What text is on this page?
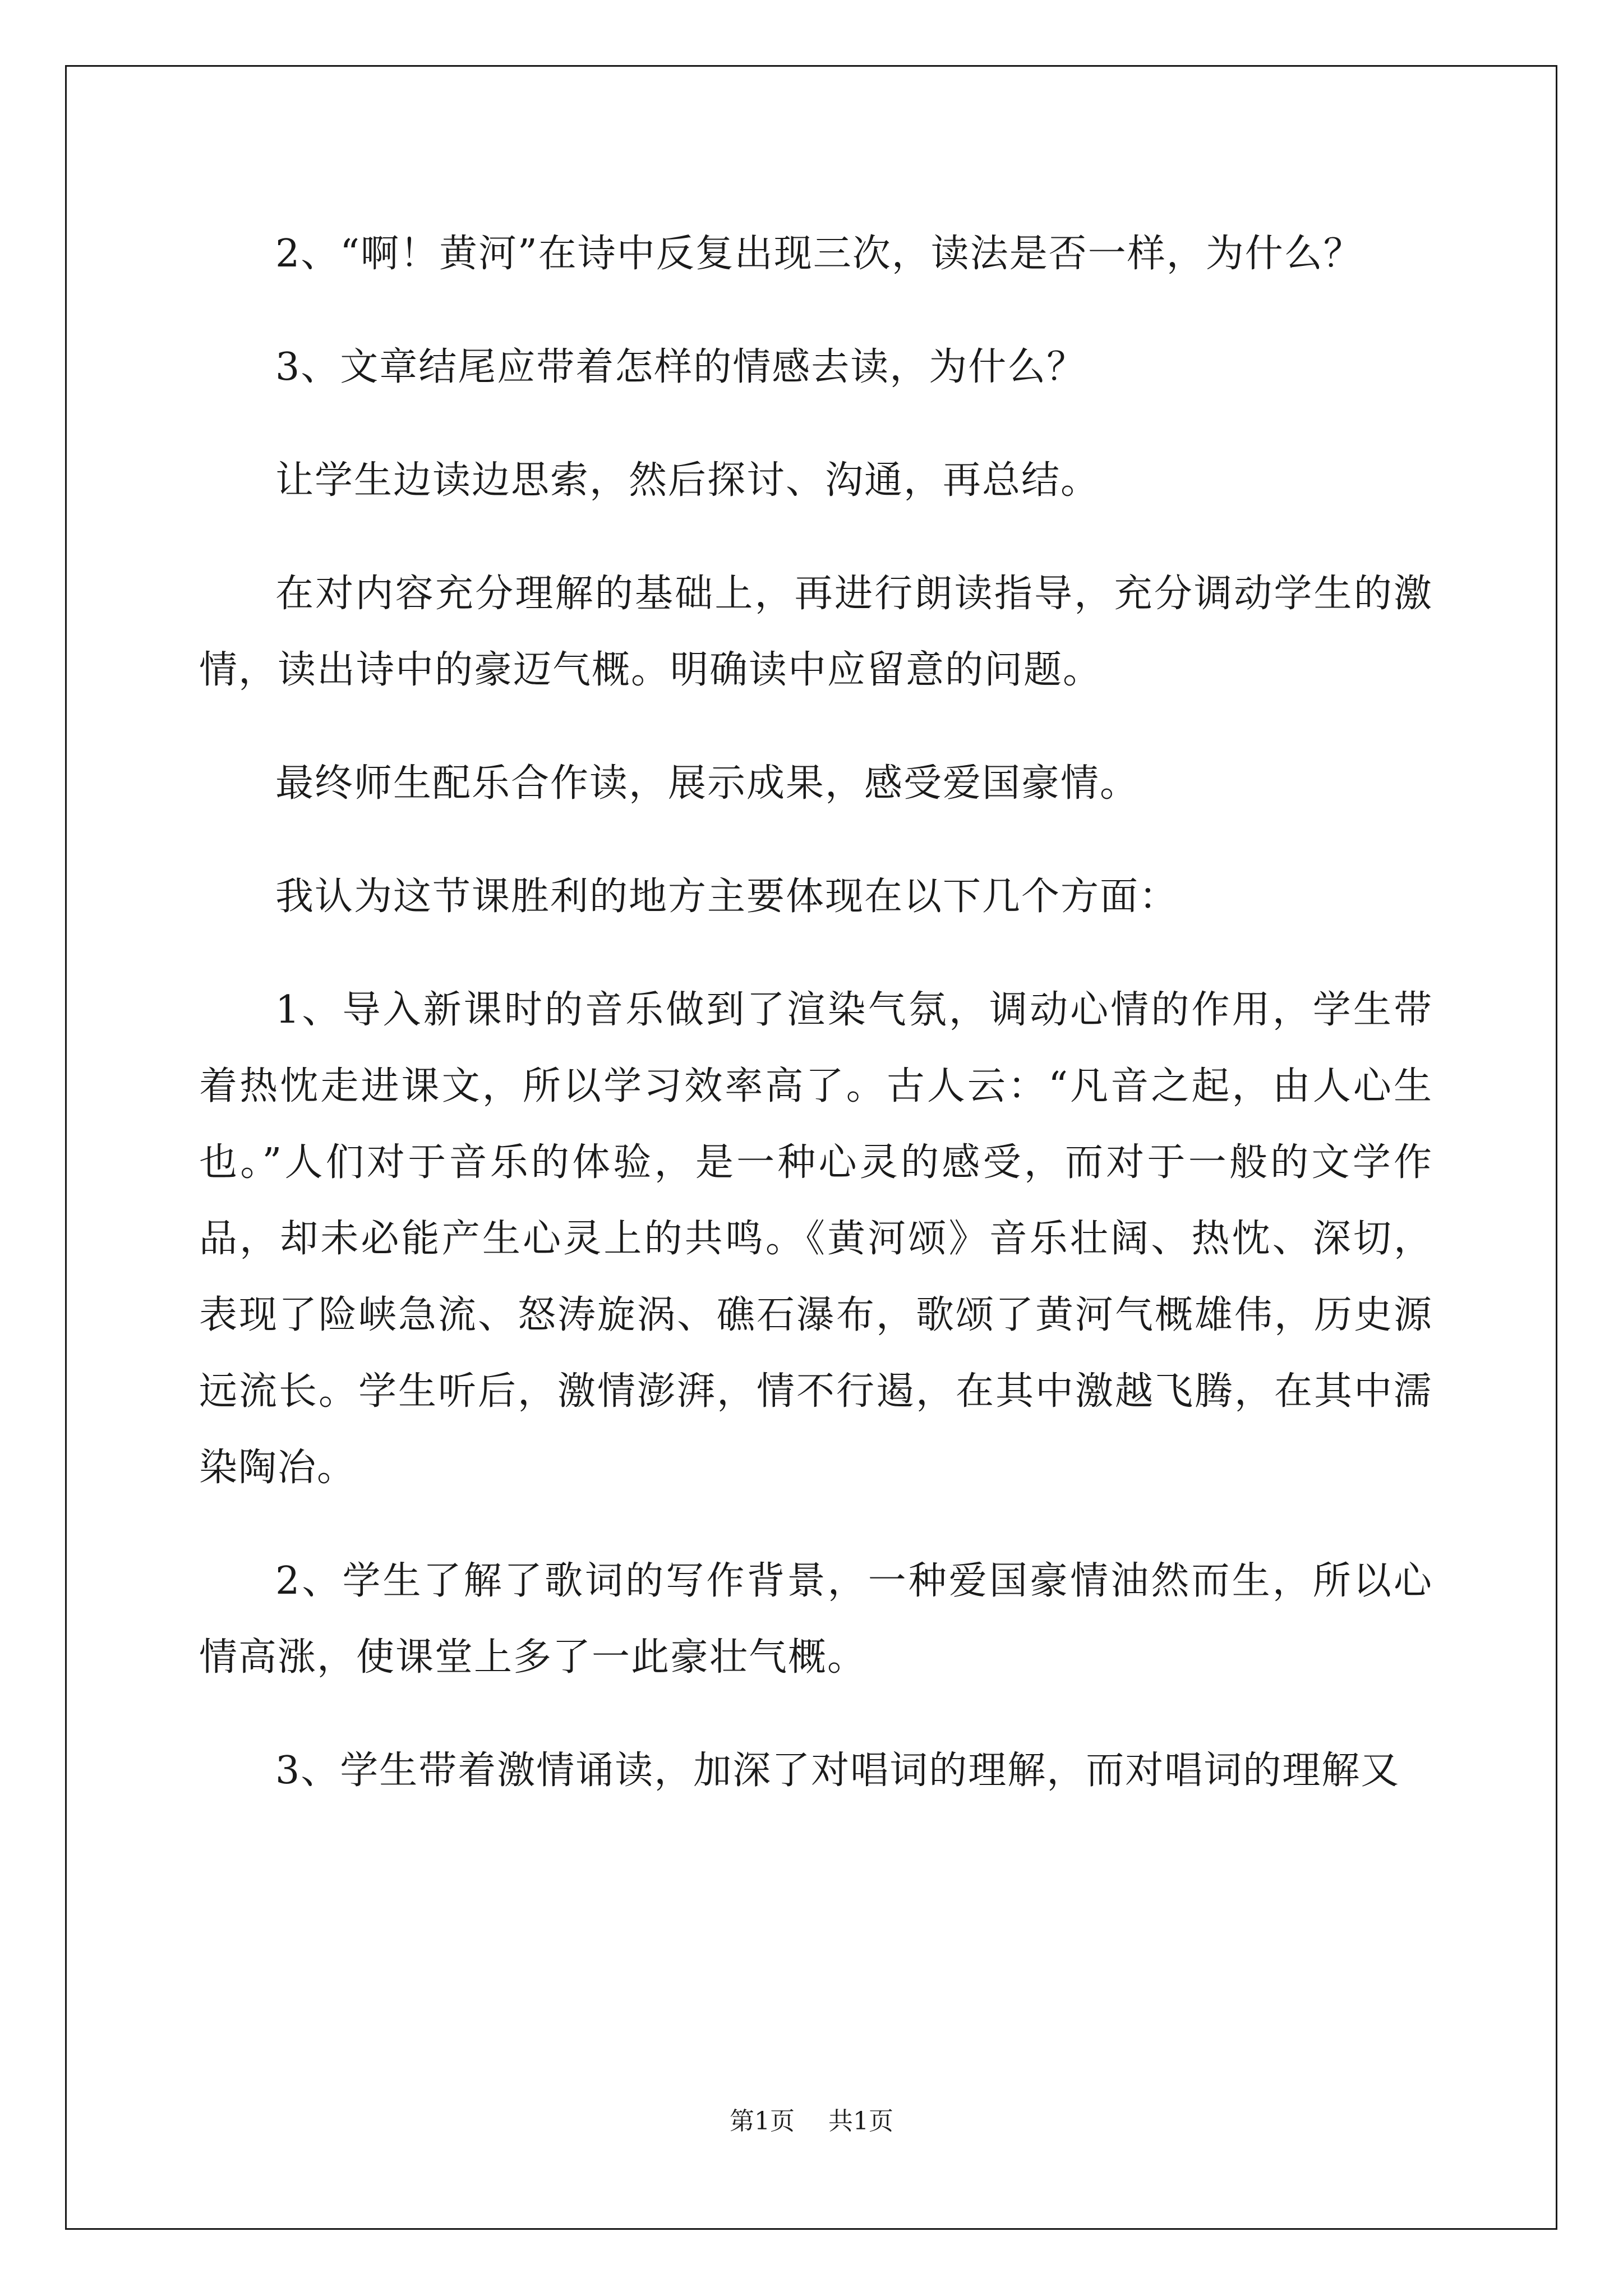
2、“啊！黄河”在诗中反复出现三次，读法是否一样，为什么？

3、文章结尾应带着怎样的情感去读，为什么？

让学生边读边思索，然后探讨、沟通，再总结。

在对内容充分理解的基础上，再进行朗读指导，充分调动学生的激情，读出诗中的豪迈气概。明确读中应留意的问题。

最终师生配乐合作读，展示成果，感受爱国豪情。

我认为这节课胜利的地方主要体现在以下几个方面：

1、导入新课时的音乐做到了渲染气氛，调动心情的作用，学生带着热忱走进课文，所以学习效率高了。古人云：“凡音之起，由人心生也。”人们对于音乐的体验，是一种心灵的感受，而对于一般的文学作品，却未必能产生心灵上的共鸣。《黄河颂》音乐壮阔、热忱、深切，表现了险峡急流、怒涛旋涡、礁石瀑布，歌颂了黄河气概雄伟，历史源远流长。学生听后，激情澎湃，情不行遏，在其中激越飞腾，在其中濡染陶冶。

2、学生了解了歌词的写作背景，一种爱国豪情油然而生，所以心情高涨，使课堂上多了一此豪壮气概。

3、学生带着激情诵读，加深了对唱词的理解，而对唱词的理解又

第1页 共1页
